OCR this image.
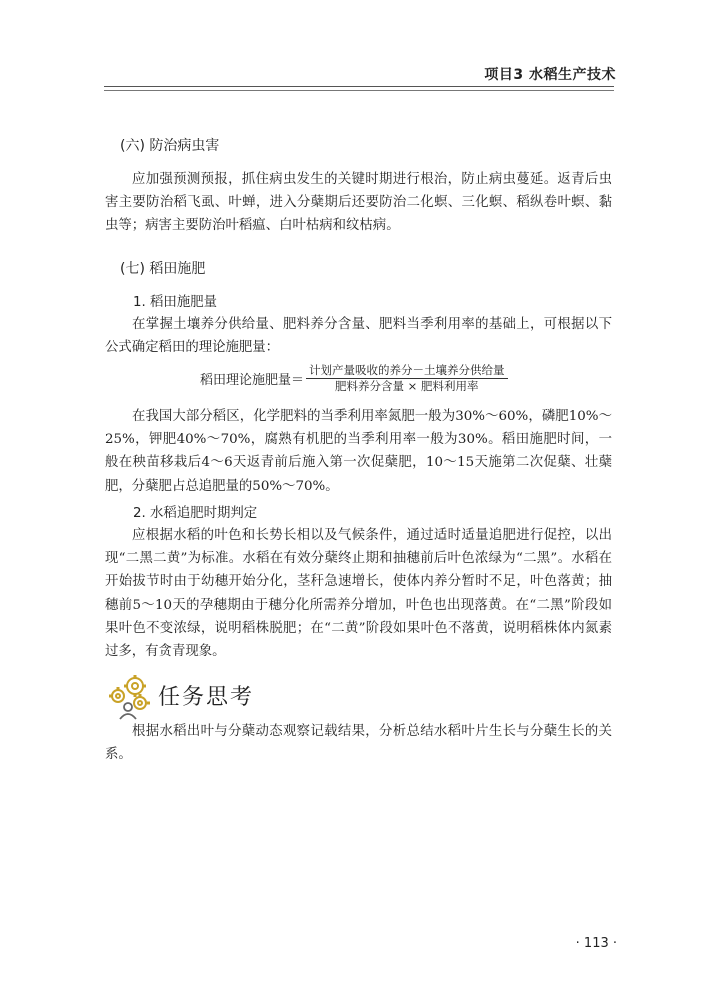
项目3 水稻生产技术
(六) 防治病虫害

应加强预测预报，抓住病虫发生的关键时期进行根治，防止病虫蔓延。返青后虫害主要防治稻飞虱、叶蝉，进入分蘖期后还要防治二化螟、三化螟、稻纵卷叶螟、黏虫等；病害主要防治叶稻瘟、白叶枯病和纹枯病。

(七) 稻田施肥
1. 稻田施肥量

在掌握土壤养分供给量、肥料养分含量、肥料当季利用率的基础上，可根据以下公式确定稻田的理论施肥量：

稻田理论施肥量＝ $\frac{\text{计划产量吸收的养分－土壤养分供给量}}{\text{肥料养分含量 × 肥料利用率}}$

在我国大部分稻区，化学肥料的当季利用率氮肥一般为30%～60%，磷肥10%～25%，钾肥40%～70%，腐熟有机肥的当季利用率一般为30%。稻田施肥时间，一般在秧苗移栽后4～6天返青前后施入第一次促蘖肥，10～15天施第二次促蘖、壮蘖肥，分蘖肥占总追肥量的50%～70%。

2. 水稻追肥时期判定

应根据水稻的叶色和长势长相以及气候条件，通过适时适量追肥进行促控，以出现“二黑二黄”为标准。水稻在有效分蘖终止期和抽穗前后叶色浓绿为“二黑”。水稻在开始拔节时由于幼穗开始分化，茎秆急速增长，使体内养分暂时不足，叶色落黄；抽穗前5～10天的孕穗期由于穗分化所需养分增加，叶色也出现落黄。在“二黑”阶段如果叶色不变浓绿，说明稻株脱肥；在“二黄”阶段如果叶色不落黄，说明稻株体内氮素过多，有贪青现象。

任务思考

根据水稻出叶与分蘖动态观察记载结果，分析总结水稻叶片生长与分蘖生长的关系。

· 113 ·
